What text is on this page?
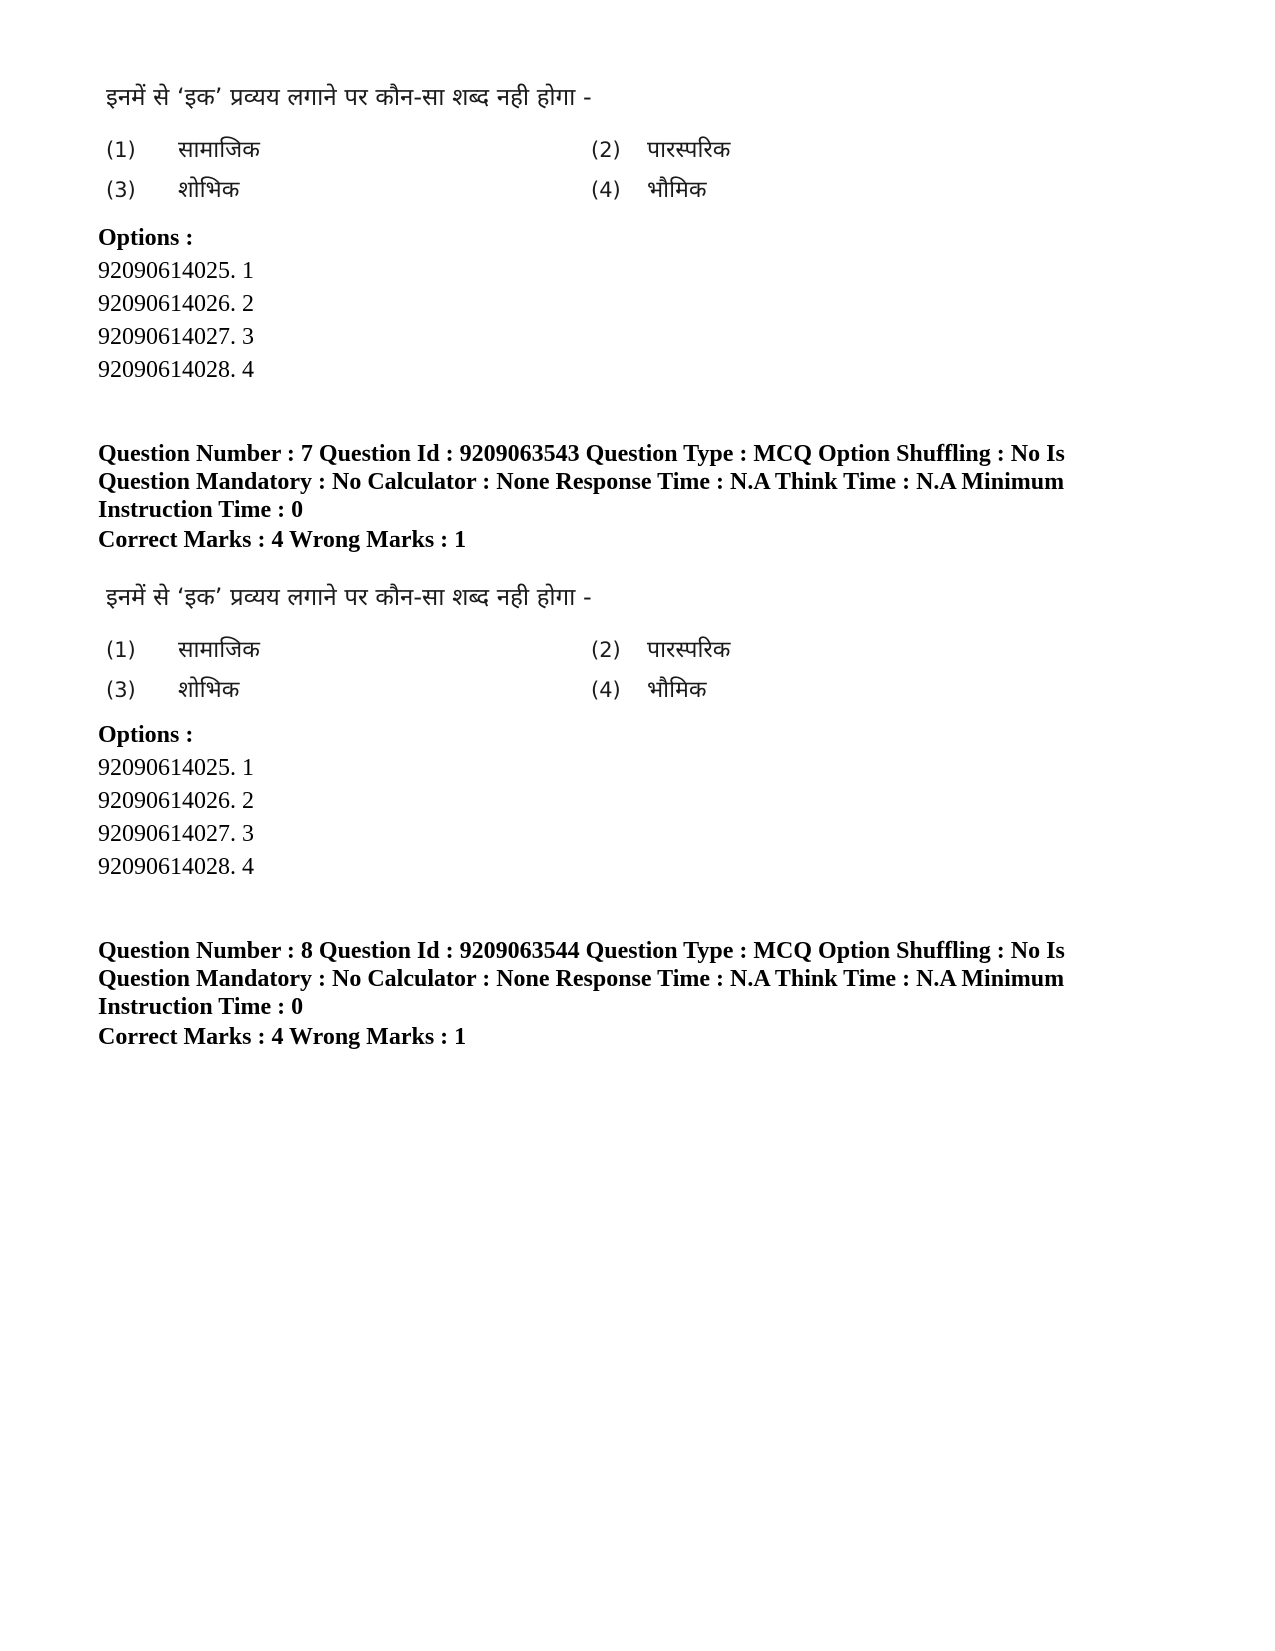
इनमें से ‘इक’ प्रव्यय लगाने पर कौन-सा शब्द नही होगा -
(1) सामाजिक	(2) पारस्परिक
(3) शोभिक	(4) भौमिक
Options :
92090614025. 1
92090614026. 2
92090614027. 3
92090614028. 4
Question Number : 7 Question Id : 9209063543 Question Type : MCQ Option Shuffling : No Is
Question Mandatory : No Calculator : None Response Time : N.A Think Time : N.A Minimum
Instruction Time : 0
Correct Marks : 4 Wrong Marks : 1
इनमें से ‘इक’ प्रव्यय लगाने पर कौन-सा शब्द नही होगा -
(1) सामाजिक	(2) पारस्परिक
(3) शोभिक	(4) भौमिक
Options :
92090614025. 1
92090614026. 2
92090614027. 3
92090614028. 4
Question Number : 8 Question Id : 9209063544 Question Type : MCQ Option Shuffling : No Is
Question Mandatory : No Calculator : None Response Time : N.A Think Time : N.A Minimum
Instruction Time : 0
Correct Marks : 4 Wrong Marks : 1
